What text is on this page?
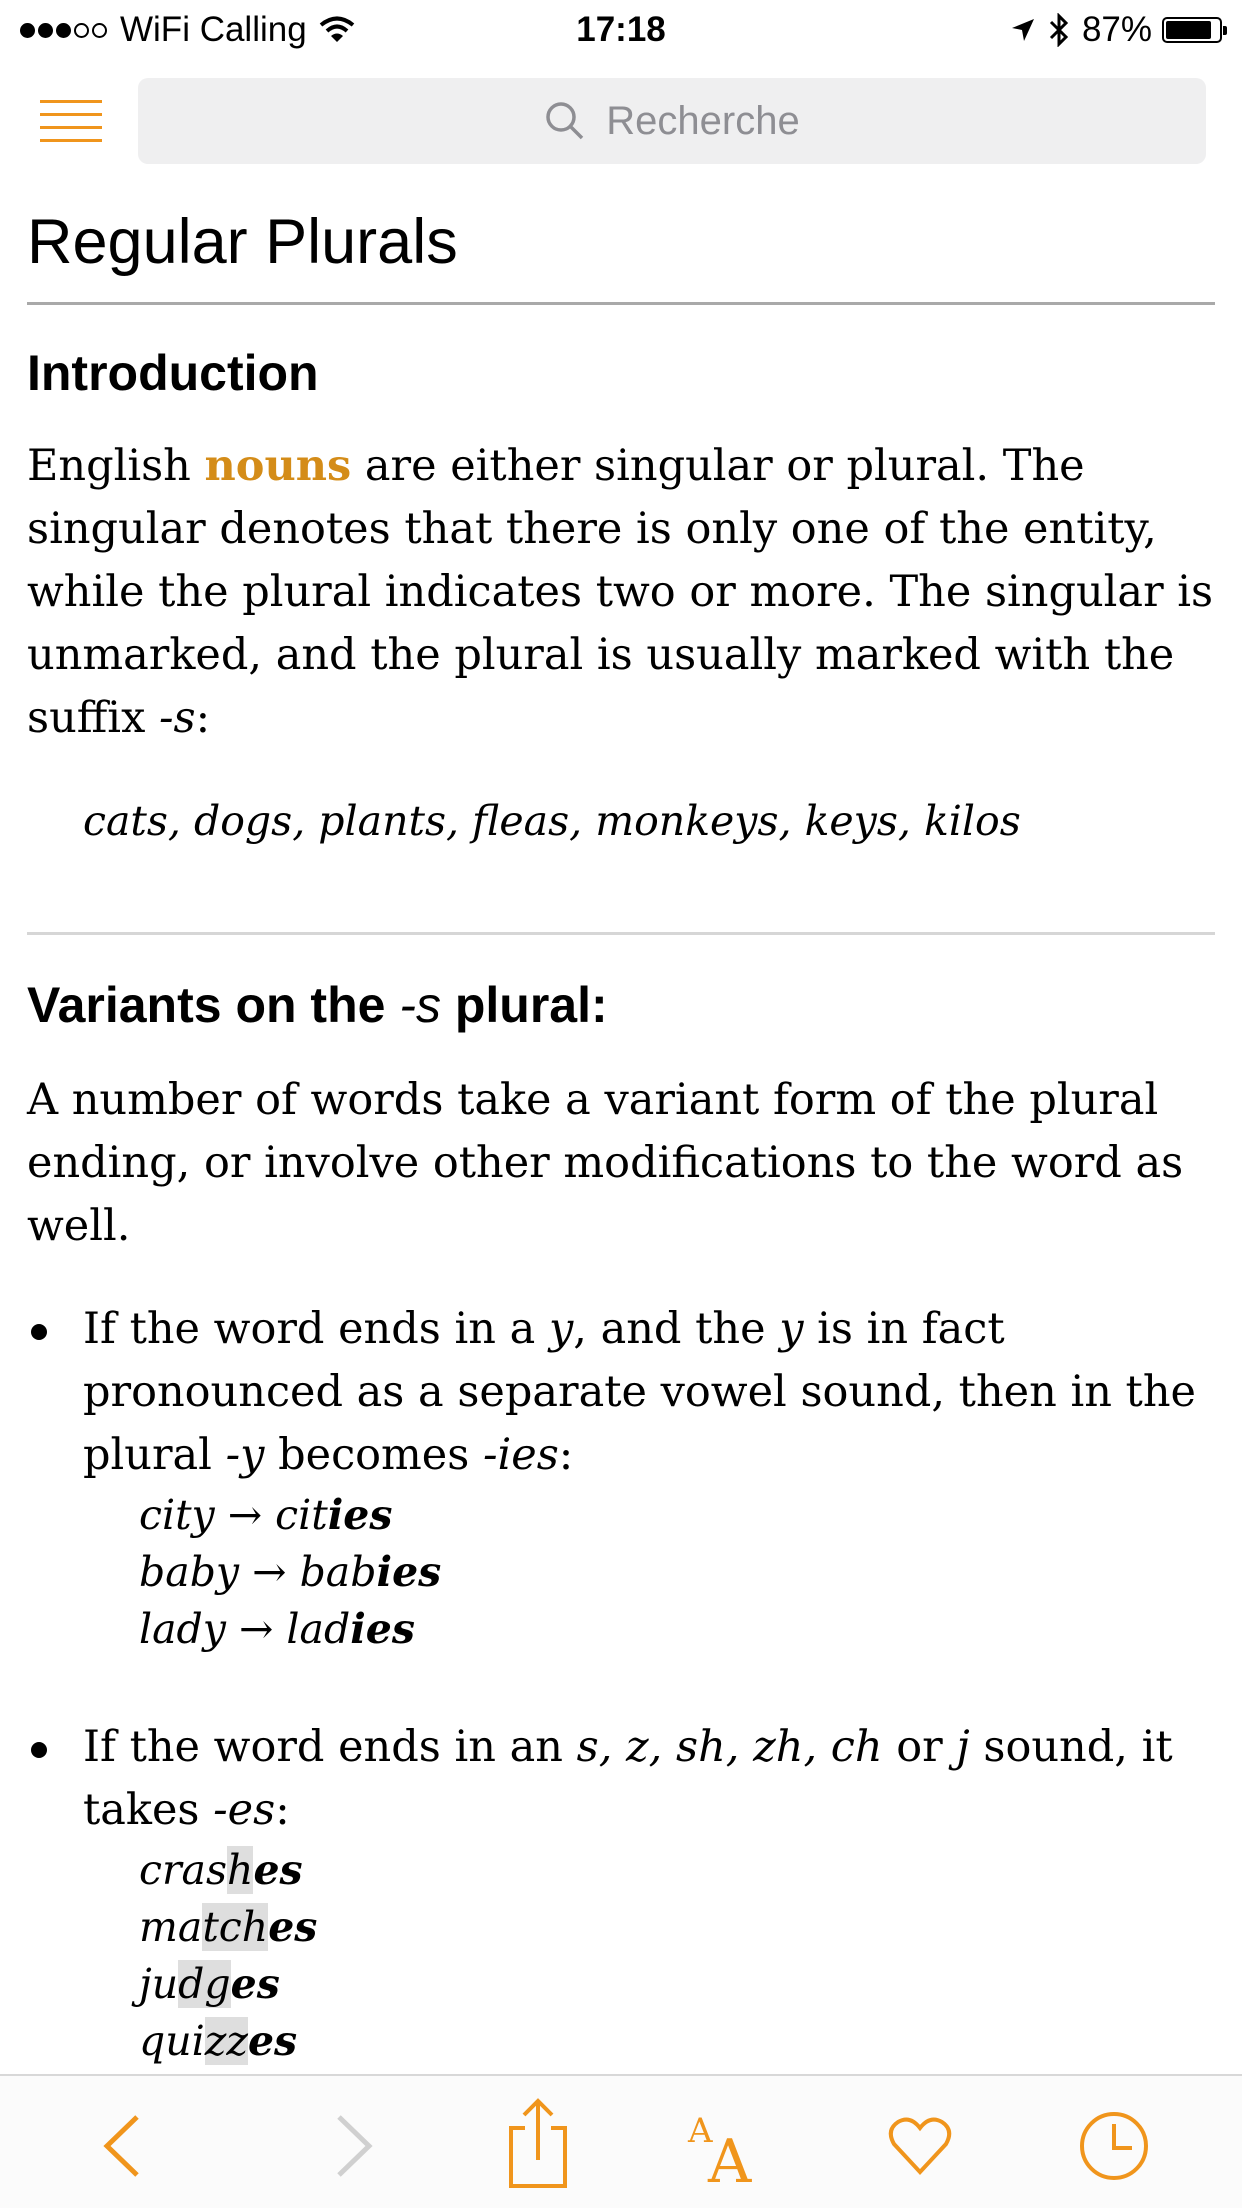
WiFi Calling	17:18	87%
Recherche
Regular Plurals
Introduction

English nouns are either singular or plural. The singular denotes that there is only one of the entity, while the plural indicates two or more. The singular is unmarked, and the plural is usually marked with the suffix -s:

cats, dogs, plants, fleas, monkeys, keys, kilos
Variants on the -s plural:

A number of words take a variant form of the plural ending, or involve other modifications to the word as well.

If the word ends in a y, and the y is in fact pronounced as a separate vowel sound, then in the plural -y becomes -ies:

city → cities
baby → babies
lady → ladies

If the word ends in an s, z, sh, zh, ch or j sound, it takes -es:

crashes
matches
judges
quizzes
A
A
